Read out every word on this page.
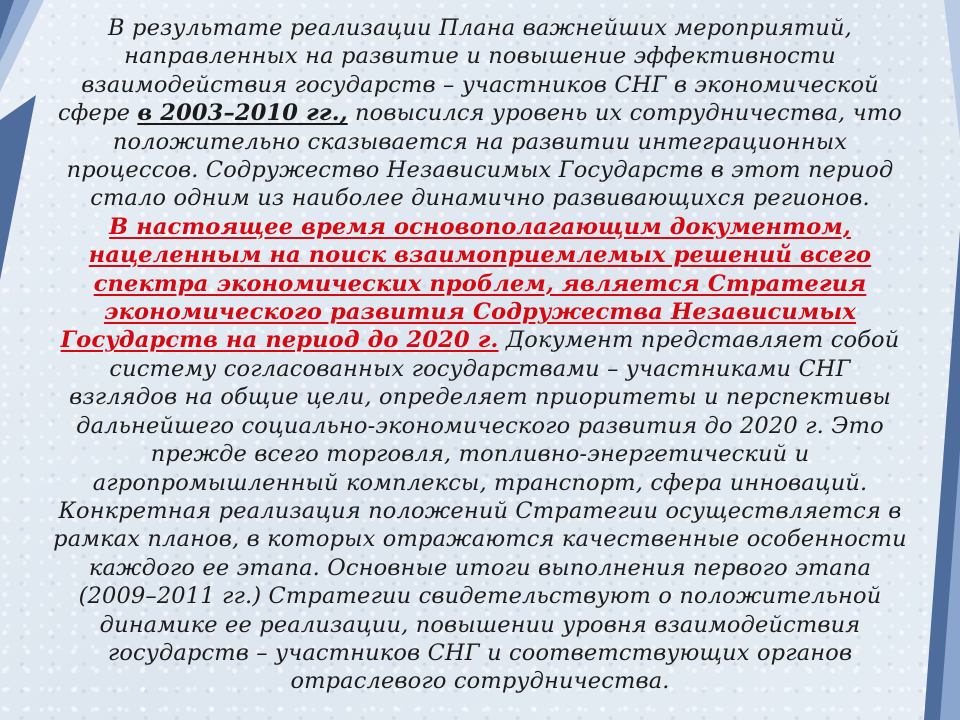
В результате реализации Плана важнейших мероприятий, направленных на развитие и повышение эффективности взаимодействия государств – участников СНГ в экономической сфере в 2003–2010 гг., повысился уровень их сотрудничества, что положительно сказывается на развитии интеграционных процессов. Содружество Независимых Государств в этот период стало одним из наиболее динамично развивающихся регионов.
В настоящее время основополагающим документом, нацеленным на поиск взаимоприемлемых решений всего спектра экономических проблем, является Стратегия экономического развития Содружества Независимых Государств на период до 2020 г. Документ представляет собой систему согласованных государствами – участниками СНГ взглядов на общие цели, определяет приоритеты и перспективы дальнейшего социально-экономического развития до 2020 г. Это прежде всего торговля, топливно-энергетический и агропромышленный комплексы, транспорт, сфера инноваций. Конкретная реализация положений Стратегии осуществляется в рамках планов, в которых отражаются качественные особенности каждого ее этапа. Основные итоги выполнения первого этапа (2009–2011 гг.) Стратегии свидетельствуют о положительной динамике ее реализации, повышении уровня взаимодействия государств – участников СНГ и соответствующих органов отраслевого сотрудничества.
